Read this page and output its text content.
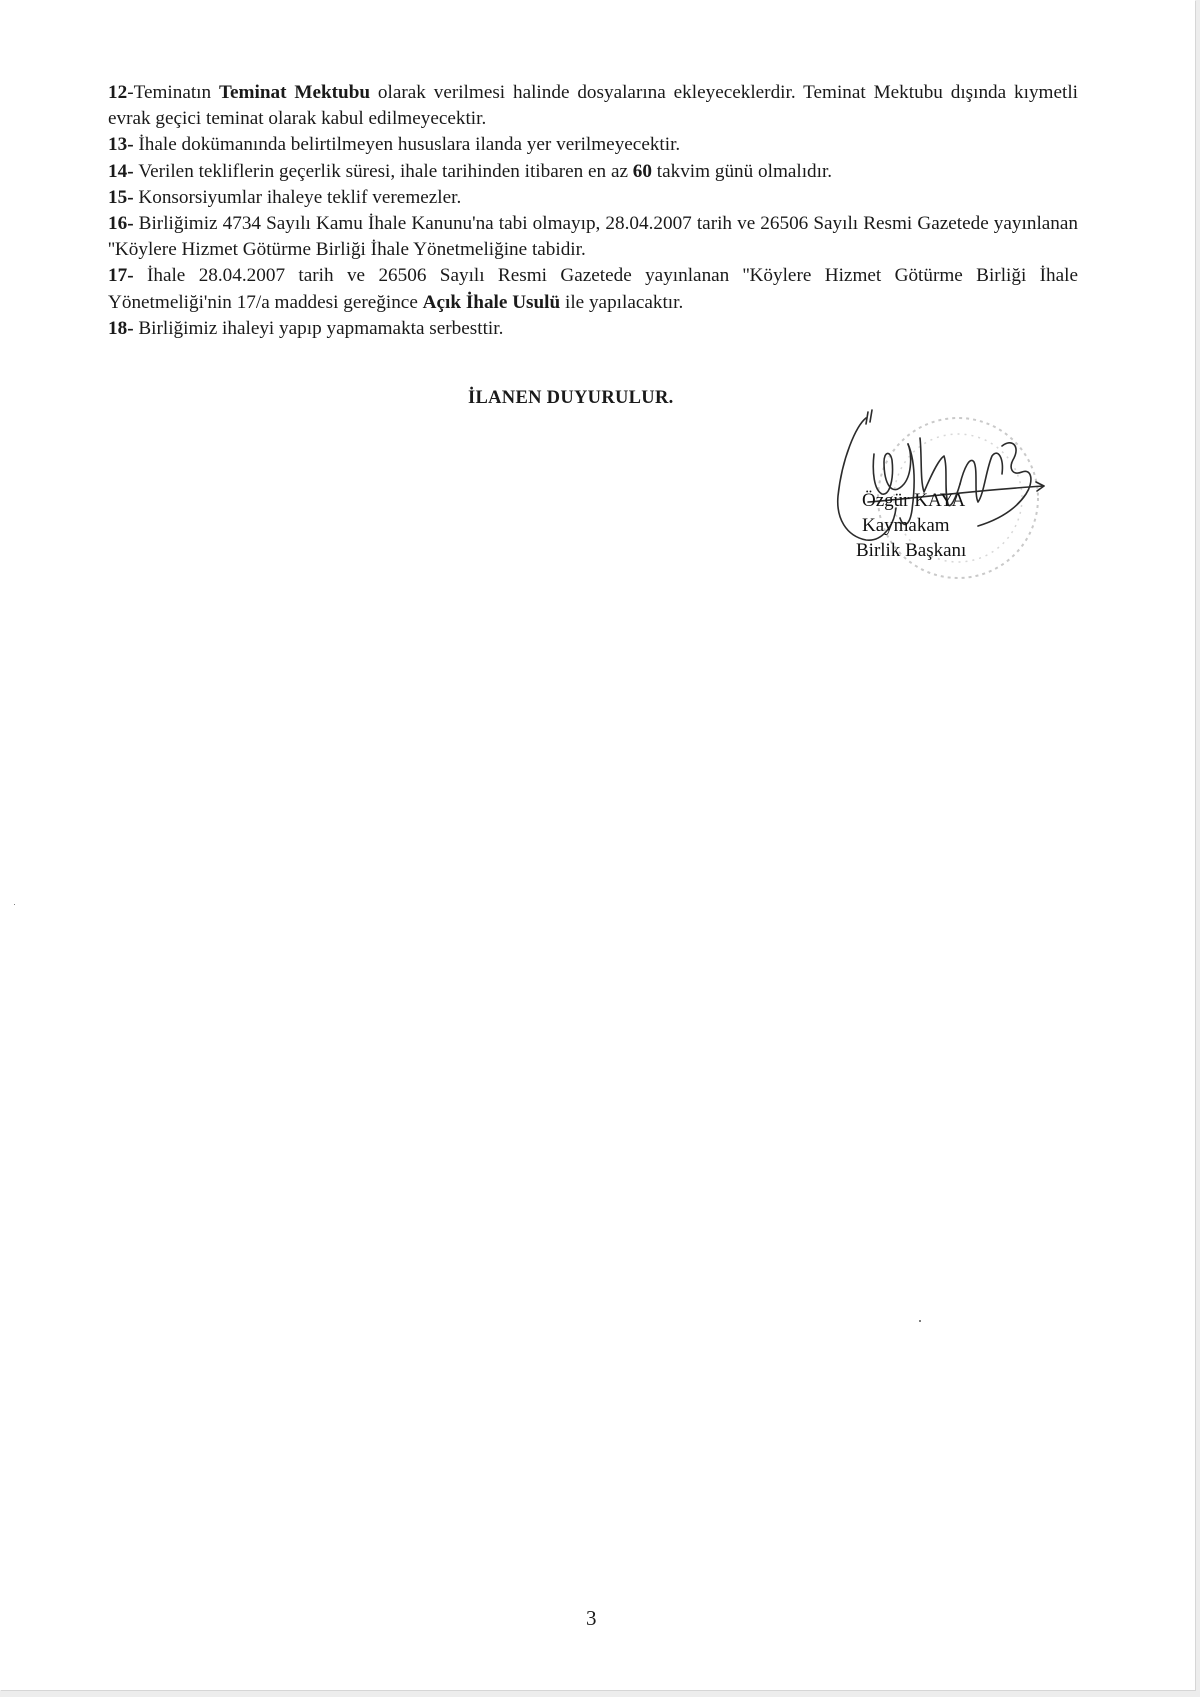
12-Teminatın Teminat Mektubu olarak verilmesi halinde dosyalarına ekleyeceklerdir. Teminat Mektubu dışında kıymetli evrak geçici teminat olarak kabul edilmeyecektir.

13- İhale dokümanında belirtilmeyen hususlara ilanda yer verilmeyecektir.

14- Verilen tekliflerin geçerlik süresi, ihale tarihinden itibaren en az 60 takvim günü olmalıdır.

15- Konsorsiyumlar ihaleye teklif veremezler.

16- Birliğimiz 4734 Sayılı Kamu İhale Kanunu'na tabi olmayıp, 28.04.2007 tarih ve 26506 Sayılı Resmi Gazetede yayınlanan ''Köylere Hizmet Götürme Birliği İhale Yönetmeliğine tabidir.

17- İhale 28.04.2007 tarih ve 26506 Sayılı Resmi Gazetede yayınlanan ''Köylere Hizmet Götürme Birliği İhale Yönetmeliği'nin 17/a maddesi gereğince Açık İhale Usulü ile yapılacaktır.

18- Birliğimiz ihaleyi yapıp yapmamakta serbesttir.

İLANEN DUYURULUR.
Özgür KAYA
Kaymakam
Birlik Başkanı
3
